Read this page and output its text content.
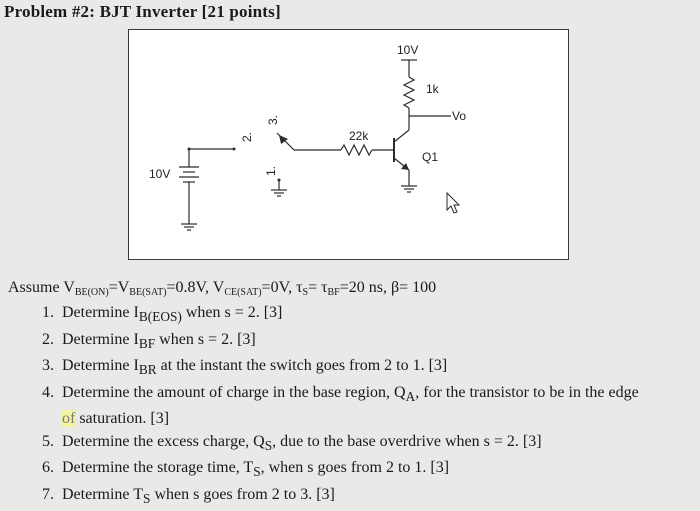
Problem #2: BJT Inverter [21 points]
10V
1k
Vo
22k
Q1
10V
2.
3.
1.
Assume $V_{BE(ON)}=V_{BE(SAT)}=0.8V$, $V_{CE(SAT)}=0V$, $\tau_S= \tau_{BF}=20$ ns, β= 100
1. Determine $I_{B(EOS)}$ when s = 2. [3]
2. Determine $I_{BF}$ when s = 2. [3]
3. Determine $I_{BR}$ at the instant the switch goes from 2 to 1. [3]
4. Determine the amount of charge in the base region, $Q_A$, for the transistor to be in the edge
of saturation. [3]
5. Determine the excess charge, $Q_S$, due to the base overdrive when s = 2. [3]
6. Determine the storage time, $T_S$, when s goes from 2 to 1. [3]
7. Determine $T_S$ when s goes from 2 to 3. [3]
